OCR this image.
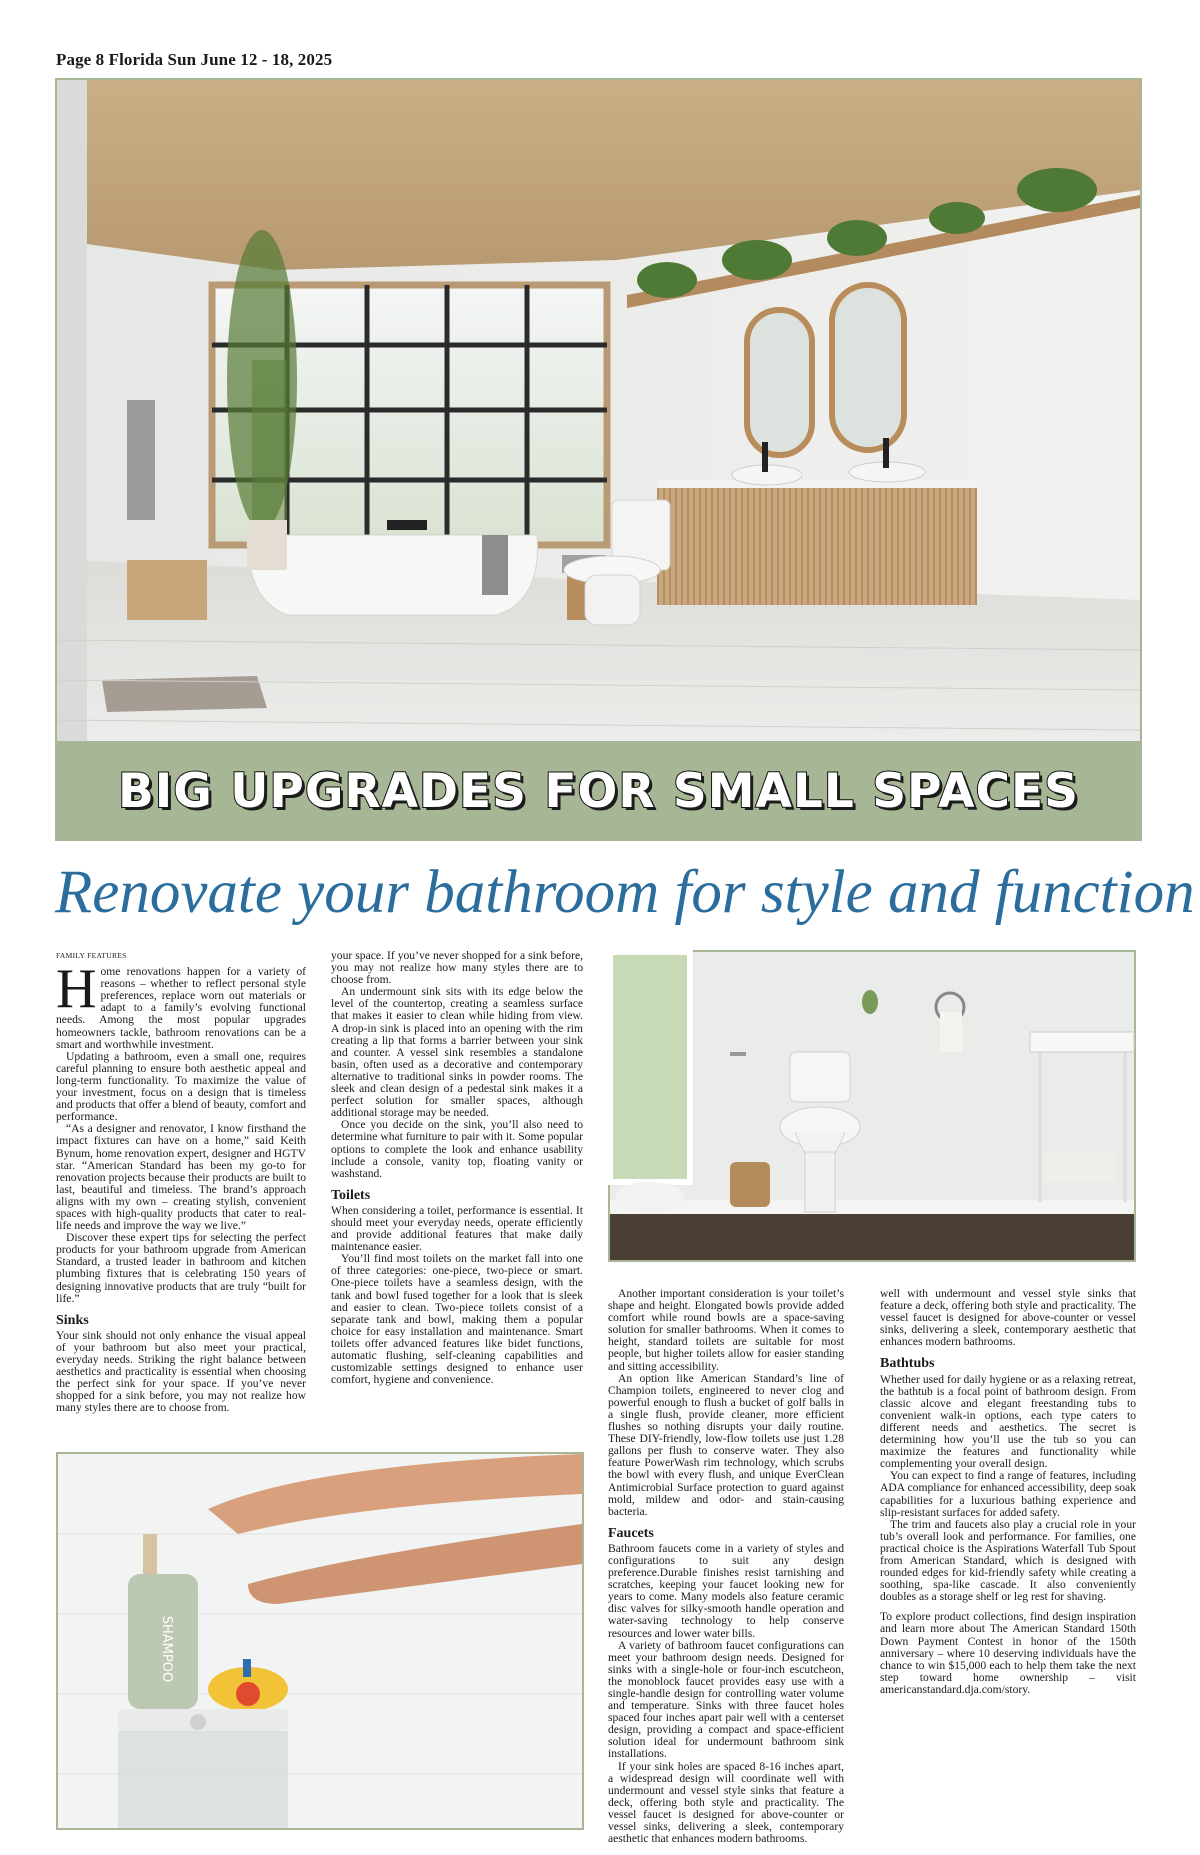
Page 8 Florida Sun June 12 - 18, 2025
BIG UPGRADES FOR SMALL SPACES
Renovate your bathroom for style and function
FAMILY FEATURES

Home renovations happen for a variety of reasons – whether to reflect personal style preferences, replace worn out materials or adapt to a family’s evolving functional needs. Among the most popular upgrades homeowners tackle, bathroom renovations can be a smart and worthwhile investment.

Updating a bathroom, even a small one, requires careful planning to ensure both aesthetic appeal and long-term functionality. To maximize the value of your investment, focus on a design that is timeless and products that offer a blend of beauty, comfort and performance.

“As a designer and renovator, I know firsthand the impact fixtures can have on a home,” said Keith Bynum, home renovation expert, designer and HGTV star. “American Standard has been my go-to for renovation projects because their products are built to last, beautiful and timeless. The brand’s approach aligns with my own – creating stylish, convenient spaces with high-quality products that cater to real-life needs and improve the way we live.”

Discover these expert tips for selecting the perfect products for your bathroom upgrade from American Standard, a trusted leader in bathroom and kitchen plumbing fixtures that is celebrating 150 years of designing innovative products that are truly “built for life.”

Sinks

Your sink should not only enhance the visual appeal of your bathroom but also meet your practical, everyday needs. Striking the right balance between aesthetics and practicality is essential when choosing the perfect sink for your space. If you’ve never shopped for a sink before, you may not realize how many styles there are to choose from.

your space. If you’ve never shopped for a sink before, you may not realize how many styles there are to choose from.

An undermount sink sits with its edge below the level of the countertop, creating a seamless surface that makes it easier to clean while hiding from view. A drop-in sink is placed into an opening with the rim creating a lip that forms a barrier between your sink and counter. A vessel sink resembles a standalone basin, often used as a decorative and contemporary alternative to traditional sinks in powder rooms. The sleek and clean design of a pedestal sink makes it a perfect solution for smaller spaces, although additional storage may be needed.

Once you decide on the sink, you’ll also need to determine what furniture to pair with it. Some popular options to complete the look and enhance usability include a console, vanity top, floating vanity or washstand.

Toilets

When considering a toilet, performance is essential. It should meet your everyday needs, operate efficiently and provide additional features that make daily maintenance easier.

You’ll find most toilets on the market fall into one of three categories: one-piece, two-piece or smart. One-piece toilets have a seamless design, with the tank and bowl fused together for a look that is sleek and easier to clean. Two-piece toilets consist of a separate tank and bowl, making them a popular choice for easy installation and maintenance. Smart toilets offer advanced features like bidet functions, automatic flushing, self-cleaning capabilities and customizable settings designed to enhance user comfort, hygiene and convenience.

Another important consideration is your toilet’s shape and height. Elongated bowls provide added comfort while round bowls are a space-saving solution for smaller bathrooms. When it comes to height, standard toilets are suitable for most people, but higher toilets allow for easier standing and sitting accessibility.

An option like American Standard’s line of Champion toilets, engineered to never clog and powerful enough to flush a bucket of golf balls in a single flush, provide cleaner, more efficient flushes so nothing disrupts your daily routine. These DIY-friendly, low-flow toilets use just 1.28 gallons per flush to conserve water. They also feature PowerWash rim technology, which scrubs the bowl with every flush, and unique EverClean Antimicrobial Surface protection to guard against mold, mildew and odor- and stain-causing bacteria.

Faucets

Bathroom faucets come in a variety of styles and configurations to suit any design preference.Durable finishes resist tarnishing and scratches, keeping your faucet looking new for years to come. Many models also feature ceramic disc valves for silky-smooth handle operation and water-saving technology to help conserve resources and lower water bills.

A variety of bathroom faucet configurations can meet your bathroom design needs. Designed for sinks with a single-hole or four-inch escutcheon, the monoblock faucet provides easy use with a single-handle design for controlling water volume and temperature. Sinks with three faucet holes spaced four inches apart pair well with a centerset design, providing a compact and space-efficient solution ideal for undermount bathroom sink installations.

If your sink holes are spaced 8-16 inches apart, a widespread design will coordinate well with undermount and vessel style sinks that feature a deck, offering both style and practicality. The vessel faucet is designed for above-counter or vessel sinks, delivering a sleek, contemporary aesthetic that enhances modern bathrooms.

well with undermount and vessel style sinks that feature a deck, offering both style and practicality. The vessel faucet is designed for above-counter or vessel sinks, delivering a sleek, contemporary aesthetic that enhances modern bathrooms.

Bathtubs

Whether used for daily hygiene or as a relaxing retreat, the bathtub is a focal point of bathroom design. From classic alcove and elegant freestanding tubs to convenient walk-in options, each type caters to different needs and aesthetics. The secret is determining how you’ll use the tub so you can maximize the features and functionality while complementing your overall design.

You can expect to find a range of features, including ADA compliance for enhanced accessibility, deep soak capabilities for a luxurious bathing experience and slip-resistant surfaces for added safety.

The trim and faucets also play a crucial role in your tub’s overall look and performance. For families, one practical choice is the Aspirations Waterfall Tub Spout from American Standard, which is designed with rounded edges for kid-friendly safety while creating a soothing, spa-like cascade. It also conveniently doubles as a storage shelf or leg rest for shaving.

To explore product collections, find design inspiration and learn more about The American Standard 150th Down Payment Contest in honor of the 150th anniversary – where 10 deserving individuals have the chance to win $15,000 each to help them take the next step toward home ownership – visit americanstandard.dja.com/story.

SHAMPOO
